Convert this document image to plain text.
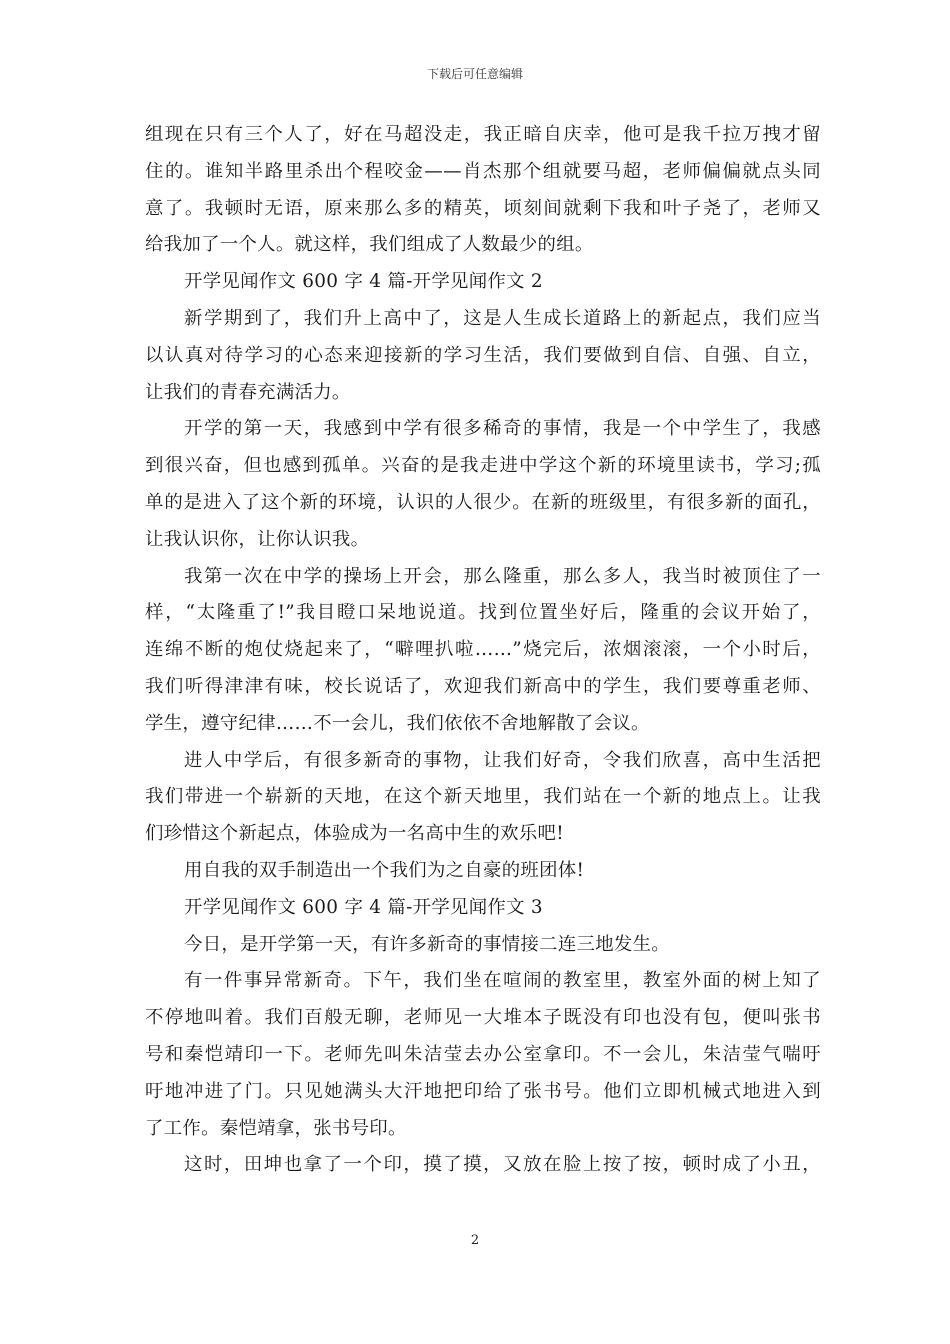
下载后可任意编辑
组现在只有三个人了，好在马超没走，我正暗自庆幸，他可是我千拉万拽才留
住的。谁知半路里杀出个程咬金——肖杰那个组就要马超，老师偏偏就点头同
意了。我顿时无语，原来那么多的精英，顷刻间就剩下我和叶子尧了，老师又
给我加了一个人。就这样，我们组成了人数最少的组。
开学见闻作文 600 字 4 篇-开学见闻作文 2
新学期到了，我们升上高中了，这是人生成长道路上的新起点，我们应当
以认真对待学习的心态来迎接新的学习生活，我们要做到自信、自强、自立，
让我们的青春充满活力。
开学的第一天，我感到中学有很多稀奇的事情，我是一个中学生了，我感
到很兴奋，但也感到孤单。兴奋的是我走进中学这个新的环境里读书，学习;孤
单的是进入了这个新的环境，认识的人很少。在新的班级里，有很多新的面孔，
让我认识你，让你认识我。
我第一次在中学的操场上开会，那么隆重，那么多人，我当时被顶住了一
样，“太隆重了!”我目瞪口呆地说道。找到位置坐好后，隆重的会议开始了，
连绵不断的炮仗烧起来了，“噼哩扒啦……”烧完后，浓烟滚滚，一个小时后，
我们听得津津有味，校长说话了，欢迎我们新高中的学生，我们要尊重老师、
学生，遵守纪律……不一会儿，我们依依不舍地解散了会议。
进人中学后，有很多新奇的事物，让我们好奇，令我们欣喜，高中生活把
我们带进一个崭新的天地，在这个新天地里，我们站在一个新的地点上。让我
们珍惜这个新起点，体验成为一名高中生的欢乐吧!
用自我的双手制造出一个我们为之自豪的班团体!
开学见闻作文 600 字 4 篇-开学见闻作文 3
今日，是开学第一天，有许多新奇的事情接二连三地发生。
有一件事异常新奇。下午，我们坐在喧闹的教室里，教室外面的树上知了
不停地叫着。我们百般无聊，老师见一大堆本子既没有印也没有包，便叫张书
号和秦恺靖印一下。老师先叫朱洁莹去办公室拿印。不一会儿，朱洁莹气喘吁
吁地冲进了门。只见她满头大汗地把印给了张书号。他们立即机械式地进入到
了工作。秦恺靖拿，张书号印。
这时，田坤也拿了一个印，摸了摸，又放在脸上按了按，顿时成了小丑，
2
